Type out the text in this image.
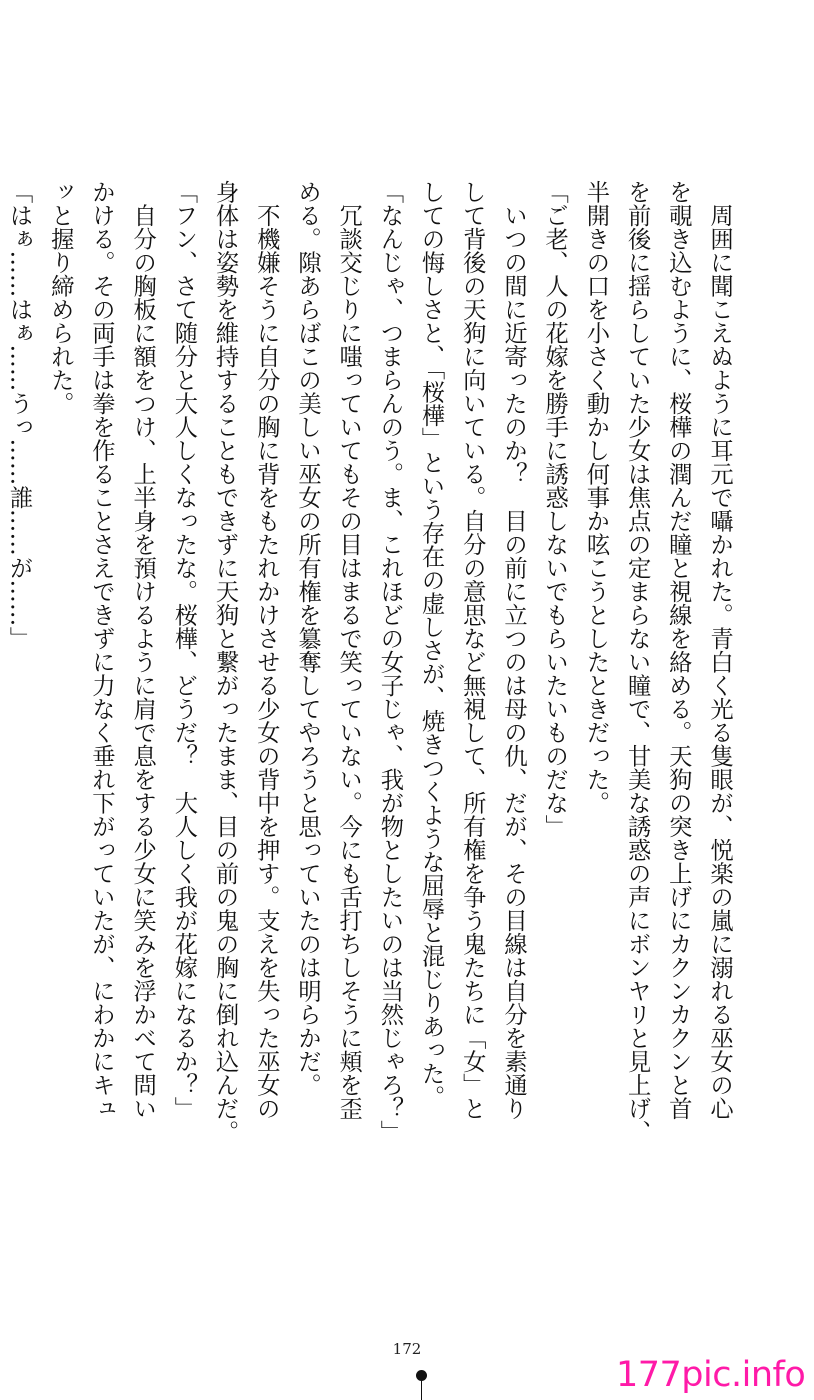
　周囲に聞こえぬように耳元で囁かれた。青白く光る隻眼が、悦楽の嵐に溺れる巫女の心

を覗き込むように、桜樺の潤んだ瞳と視線を絡める。天狗の突き上げにカクンカクンと首

を前後に揺らしていた少女は焦点の定まらない瞳で、甘美な誘惑の声にボンヤリと見上げ、

半開きの口を小さく動かし何事か呟こうとしたときだった。

「ご老、人の花嫁を勝手に誘惑しないでもらいたいものだな」

　いつの間に近寄ったのか？　目の前に立つのは母の仇、だが、その目線は自分を素通り

して背後の天狗に向いている。自分の意思など無視して、所有権を争う鬼たちに「女」と

しての悔しさと、「桜樺」という存在の虚しさが、焼きつくような屈辱と混じりあった。

「なんじゃ、つまらんのう。ま、これほどの女子じゃ、我が物としたいのは当然じゃろ？」

　冗談交じりに嗤っていてもその目はまるで笑っていない。今にも舌打ちしそうに頬を歪

める。隙あらばこの美しい巫女の所有権を簒奪してやろうと思っていたのは明らかだ。

　不機嫌そうに自分の胸に背をもたれかけさせる少女の背中を押す。支えを失った巫女の

身体は姿勢を維持することもできずに天狗と繋がったまま、目の前の鬼の胸に倒れ込んだ。

「フン、さて随分と大人しくなったな。桜樺、どうだ？　大人しく我が花嫁になるか？」

　自分の胸板に額をつけ、上半身を預けるように肩で息をする少女に笑みを浮かべて問い

かける。その両手は拳を作ることさえできずに力なく垂れ下がっていたが、にわかにキュ

ッと握り締められた。

「はぁ……はぁ……うっ……誰……が……」

172
177pic.info
